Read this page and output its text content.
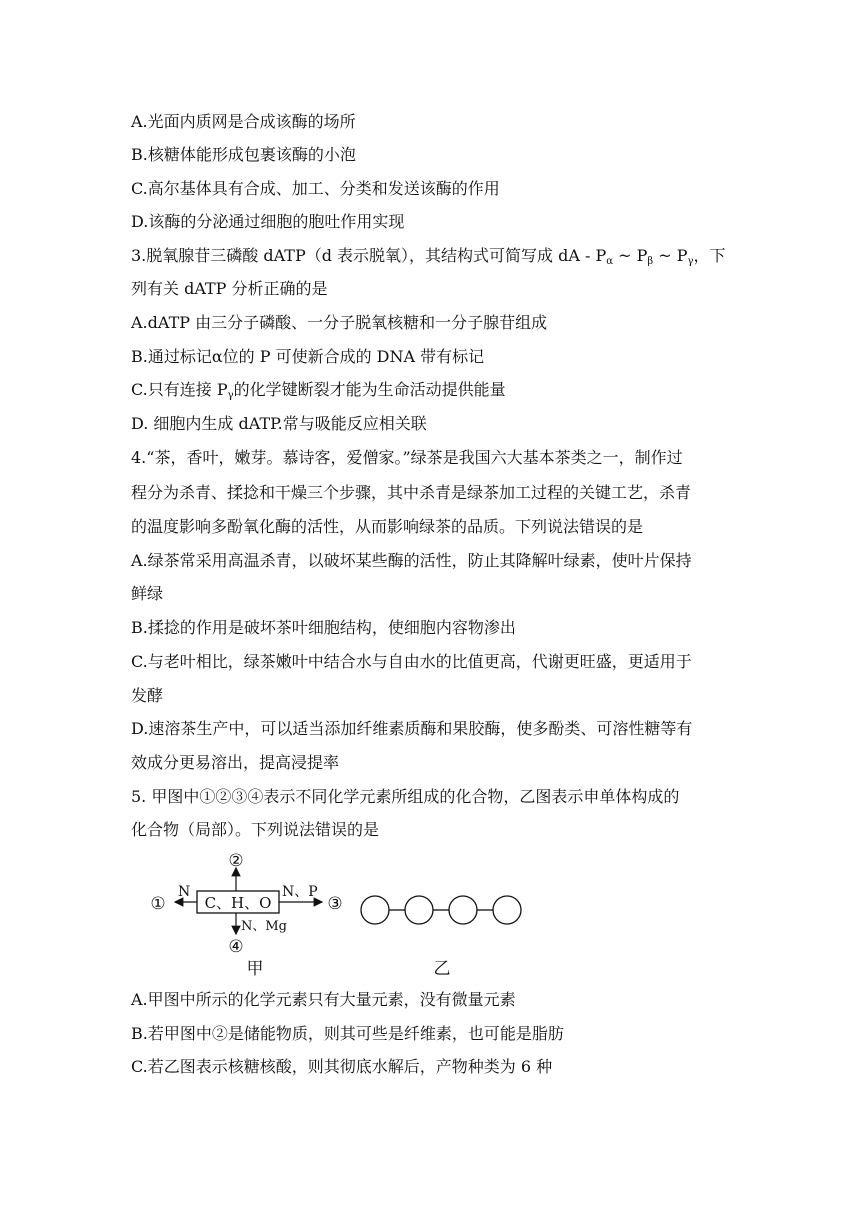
A.光面内质网是合成该酶的场所
B.核糖体能形成包裹该酶的小泡
C.高尔基体具有合成、加工、分类和发送该酶的作用
D.该酶的分泌通过细胞的胞吐作用实现
3.脱氧腺苷三磷酸 dATP（d 表示脱氧），其结构式可简写成 dA - $P_\alpha$ ~ $P_\beta$ ~ $P_\gamma$，下
列有关 dATP 分析正确的是
A.dATP 由三分子磷酸、一分子脱氧核糖和一分子腺苷组成
B.通过标记α位的 P 可使新合成的 DNA 带有标记
C.只有连接 $P_\gamma$的化学键断裂才能为生命活动提供能量
D. 细胞内生成 dATP.常与吸能反应相关联
4.“茶，香叶，嫩芽。慕诗客，爱僧家。”绿茶是我国六大基本茶类之一，制作过
程分为杀青、揉捻和干燥三个步骤，其中杀青是绿茶加工过程的关键工艺，杀青
的温度影响多酚氧化酶的活性，从而影响绿茶的品质。下列说法错误的是
A.绿茶常采用高温杀青，以破坏某些酶的活性，防止其降解叶绿素，使叶片保持
鲜绿
B.揉捻的作用是破坏茶叶细胞结构，使细胞内容物渗出
C.与老叶相比，绿茶嫩叶中结合水与自由水的比值更高，代谢更旺盛，更适用于
发酵
D.速溶茶生产中，可以适当添加纤维素质酶和果胶酶，使多酚类、可溶性糖等有
效成分更易溶出，提高浸提率
5. 甲图中①②③④表示不同化学元素所组成的化合物，乙图表示申单体构成的
化合物（局部）。下列说法错误的是
C、H、O
②
N
①
N、P
③
N、Mg
④
甲	乙
A.甲图中所示的化学元素只有大量元素，没有微量元素
B.若甲图中②是储能物质，则其可些是纤维素，也可能是脂肪
C.若乙图表示核糖核酸，则其彻底水解后，产物种类为 6 种
